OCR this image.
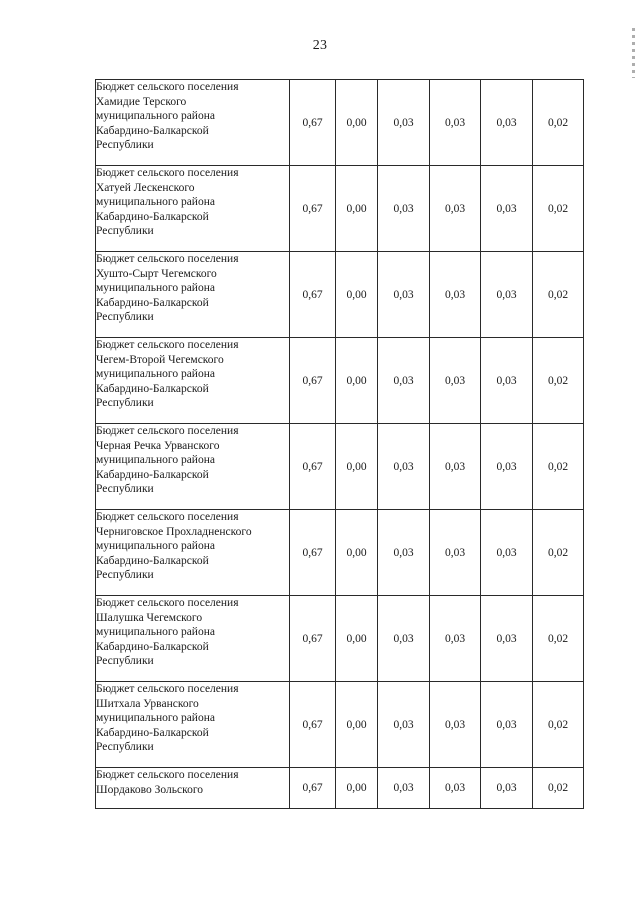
23
Бюджет сельского поселения
Хамидие Терского
муниципального района
Кабардино-Балкарской
Республики	0,67	0,00	0,03	0,03	0,03	0,02
Бюджет сельского поселения
Хатуей Лескенского
муниципального района
Кабардино-Балкарской
Республики	0,67	0,00	0,03	0,03	0,03	0,02
Бюджет сельского поселения
Хушто-Сырт Чегемского
муниципального района
Кабардино-Балкарской
Республики	0,67	0,00	0,03	0,03	0,03	0,02
Бюджет сельского поселения
Чегем-Второй Чегемского
муниципального района
Кабардино-Балкарской
Республики	0,67	0,00	0,03	0,03	0,03	0,02
Бюджет сельского поселения
Черная Речка Урванского
муниципального района
Кабардино-Балкарской
Республики	0,67	0,00	0,03	0,03	0,03	0,02
Бюджет сельского поселения
Черниговское Прохладненского
муниципального района
Кабардино-Балкарской
Республики	0,67	0,00	0,03	0,03	0,03	0,02
Бюджет сельского поселения
Шалушка Чегемского
муниципального района
Кабардино-Балкарской
Республики	0,67	0,00	0,03	0,03	0,03	0,02
Бюджет сельского поселения
Шитхала Урванского
муниципального района
Кабардино-Балкарской
Республики	0,67	0,00	0,03	0,03	0,03	0,02
Бюджет сельского поселения
Шордаково Зольского	0,67	0,00	0,03	0,03	0,03	0,02
